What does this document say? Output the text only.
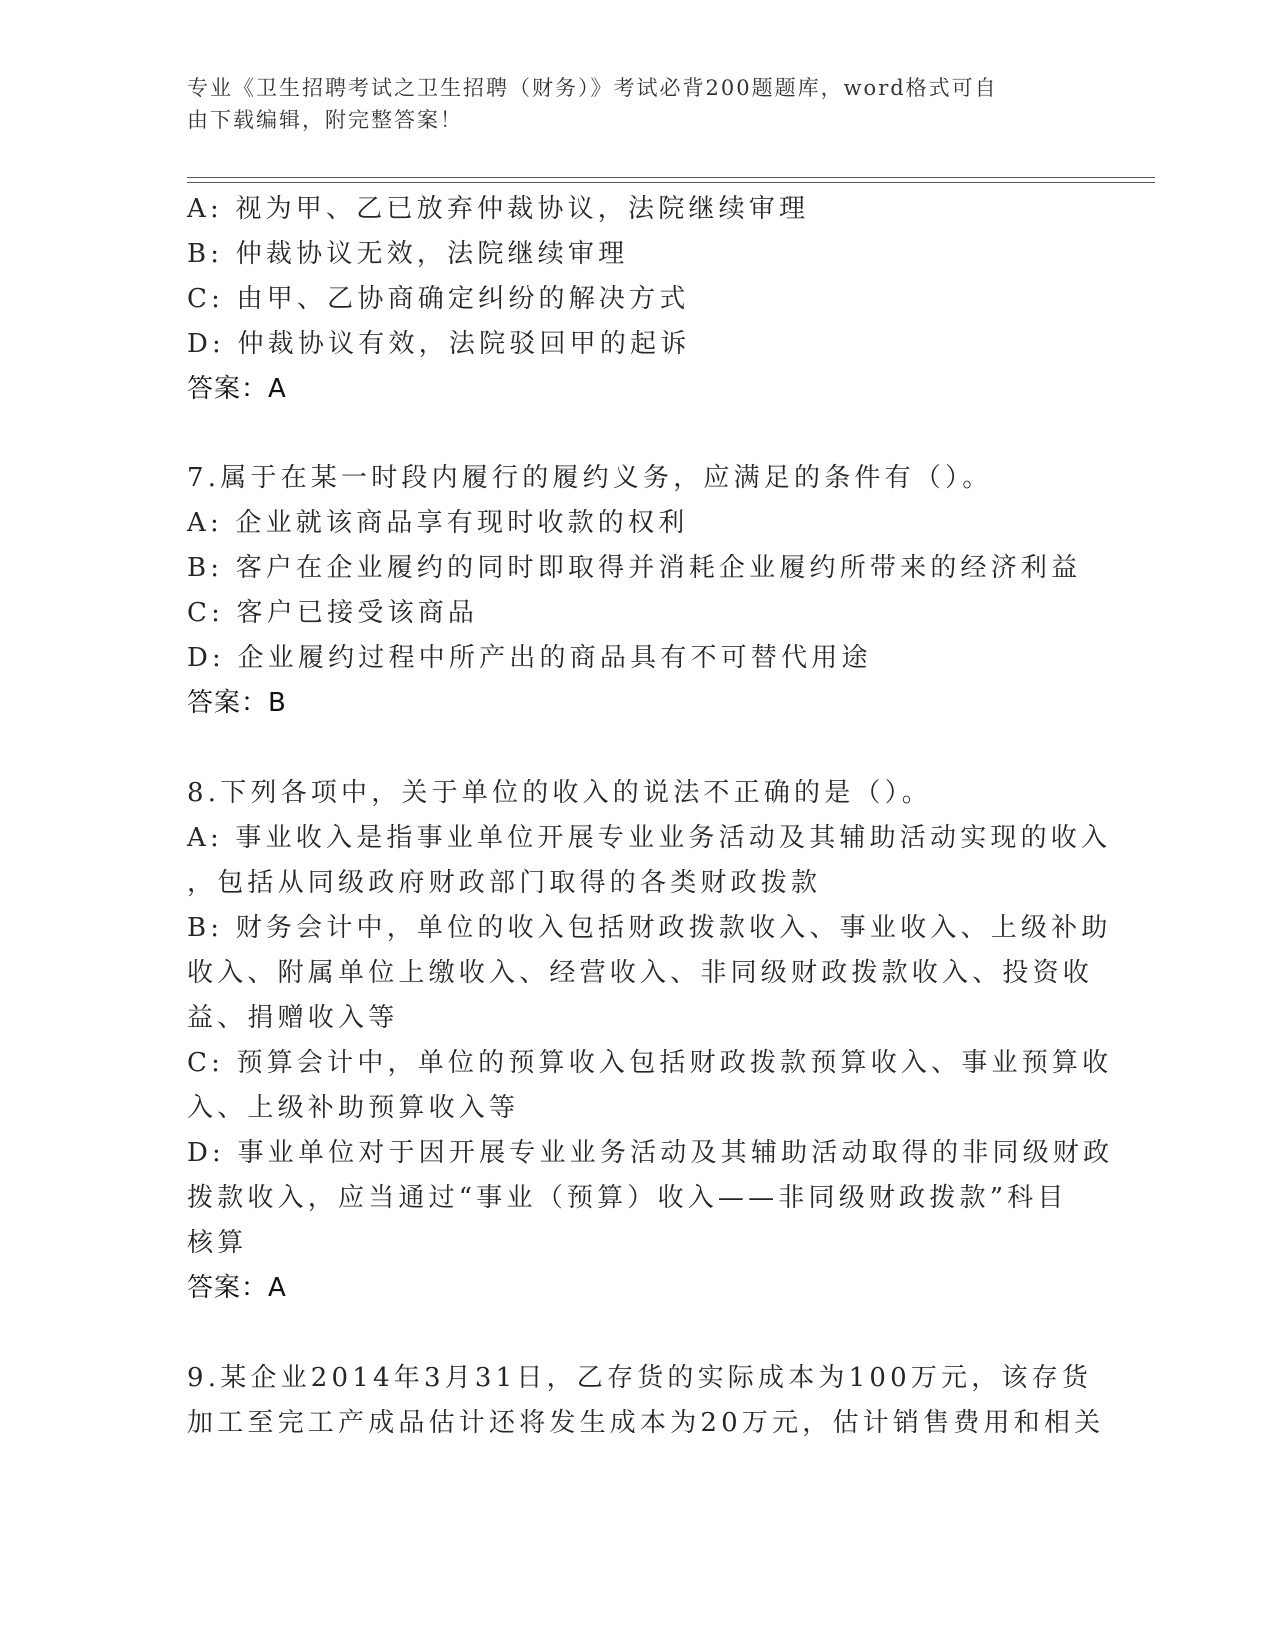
专业《卫生招聘考试之卫生招聘（财务）》考试必背200题题库，word格式可自
由下载编辑，附完整答案！
A: 视为甲、乙已放弃仲裁协议，法院继续审理
B: 仲裁协议无效，法院继续审理
C: 由甲、乙协商确定纠纷的解决方式
D: 仲裁协议有效，法院驳回甲的起诉
答案：A
7.属于在某一时段内履行的履约义务，应满足的条件有（）。
A: 企业就该商品享有现时收款的权利
B: 客户在企业履约的同时即取得并消耗企业履约所带来的经济利益
C: 客户已接受该商品
D: 企业履约过程中所产出的商品具有不可替代用途
答案：B
8.下列各项中，关于单位的收入的说法不正确的是（）。
A: 事业收入是指事业单位开展专业业务活动及其辅助活动实现的收入
，包括从同级政府财政部门取得的各类财政拨款
B: 财务会计中，单位的收入包括财政拨款收入、事业收入、上级补助
收入、附属单位上缴收入、经营收入、非同级财政拨款收入、投资收
益、捐赠收入等
C: 预算会计中，单位的预算收入包括财政拨款预算收入、事业预算收
入、上级补助预算收入等
D: 事业单位对于因开展专业业务活动及其辅助活动取得的非同级财政
拨款收入，应当通过“事业（预算）收入——非同级财政拨款”科目
核算
答案：A
9.某企业2014年3月31日，乙存货的实际成本为100万元，该存货
加工至完工产成品估计还将发生成本为20万元，估计销售费用和相关
